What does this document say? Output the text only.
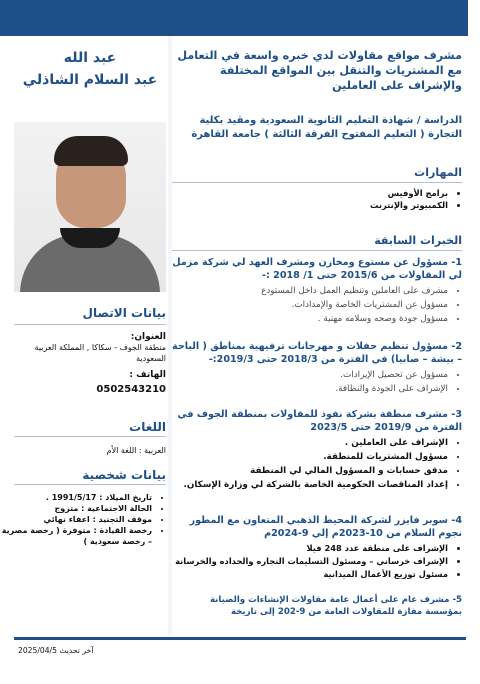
عبد الله
عبد السلام الشاذلي
بيانات الاتصال
العنوان:
منطقة الجوف - سكاكا , المملكة العربية السعودية
الهاتف :
0502543210
اللغات
العربية : اللغة الأم
بيانات شخصية
• تاريخ الميلاد : 1991/5/17 .
• الحالة الاجتماعية : متزوج
• موقف التجنيد : اعفاء نهائي
• رخصة القيادة : متوفرة ( رخصة مصرية – رخصة سعودية )
مشرف مواقع مقاولات لدي خبره واسعة في التعامل مع المشتريات والتنقل بين المواقع المختلفة والإشراف على العاملين
الدراسة / شهادة التعليم الثانوية السعودية ومقيد بكلية التجارة ( التعليم المفتوح الفرقة الثالثة ) جامعة القاهرة
المهارات
• برامج الأوفيس
• الكمبيوتر والإنترنت
الخبرات السابقة
1- مسؤول عن مستوع ومخازن ومشرف العهد لي شركة مزمل لي المقاولات من 2015/6 حتى 1/ 2018 :-
• مشرف على العاملين وتنظيم العمل داخل المستودع
• مسؤول عن المشتريات الخاصة والإمدادات.
• مسؤول جودة وصحه وسلامه مهنية .
2- مسؤول تنظيم حفلات و مهرجانات ترفيهية بمناطق ( الباحة – بيشة – صابيا) في الفترة من 2018/3 حتى 2019/3:-
• مسؤول عن تحصيل الإيرادات.
• الإشراف على الجودة والنظافة.
3- مشرف منطقة بشركة نفوذ للمقاولات بمنطقة الجوف في الفترة من 2019/9 حتى 2023/5
• الإشراف على العاملين .
• مسؤول المشتريات للمنطقة.
• مدقق حسابات و المسؤول المالي لي المنطقة
• إعداد المناقصات الحكومية الخاصة بالشركة لي وزارة الإسكان.
4- سوبر فايزر لشركة المحيط الذهبي المتعاون مع المطور نجوم السلام من 10-2023م إلي 9-2024م
• الإشراف على منطقة عدد 248 فيلا
• الإشراف خرساني – ومسئول التسليمات النجاره والحداده والخرسانة
• مسئول توزيع الأعمال الميدانية
5- مشرف عام على أعمال عامة مقاولات الإنشاءات والصيانة بمؤسسة مفازة للمقاولات العامة من 9-202 إلى تاريخة
آخر تحديث 2025/04/5
